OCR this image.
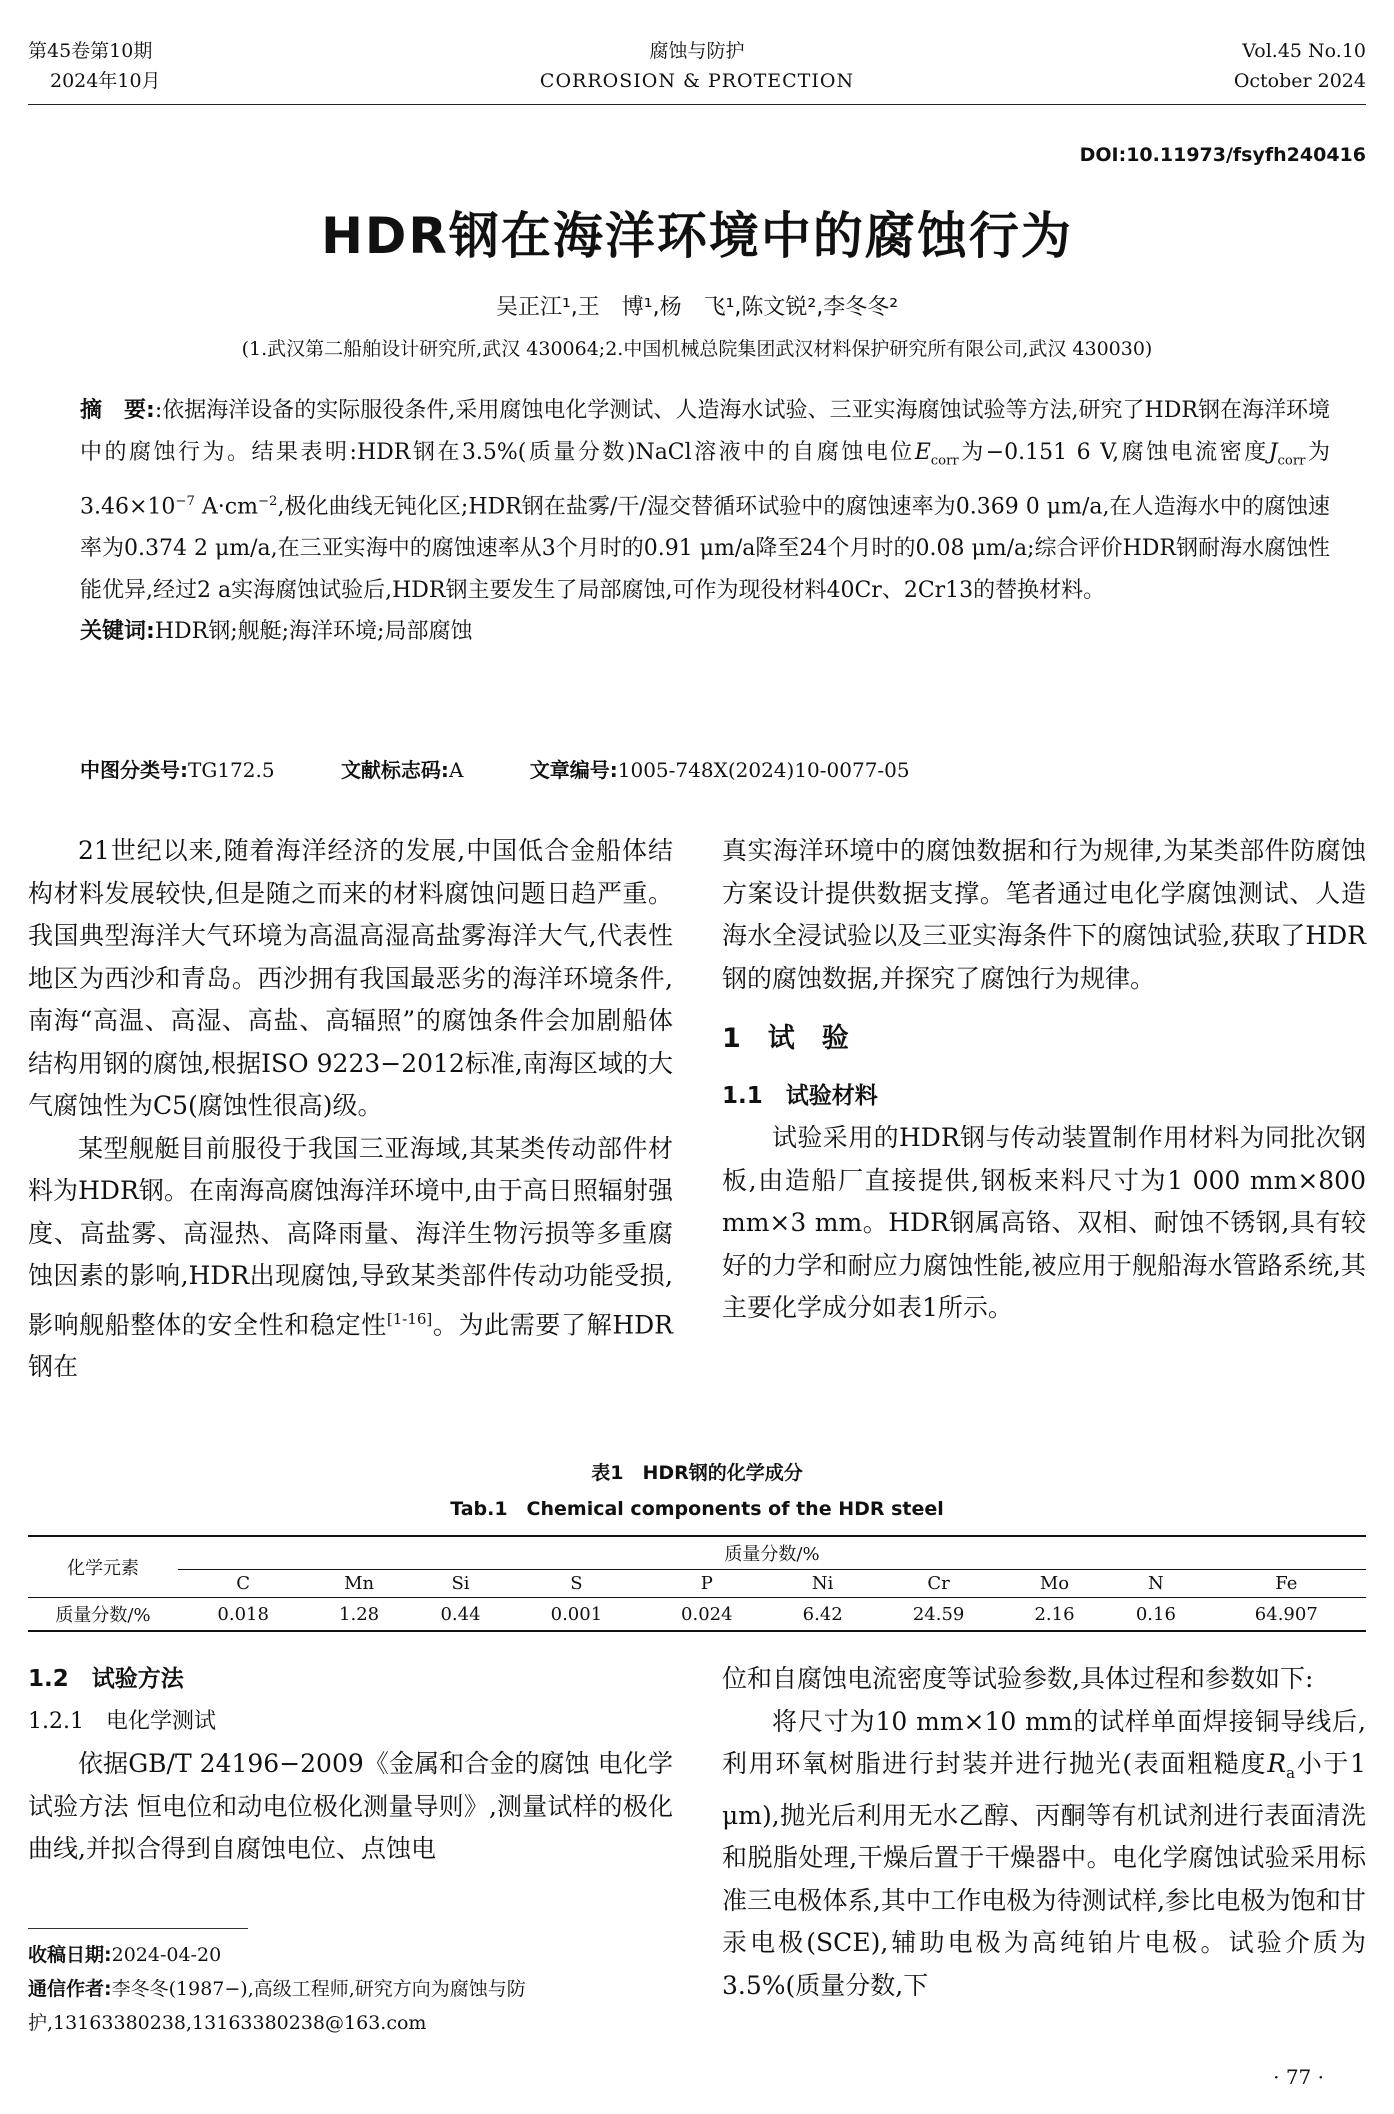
第45卷第10期
2024年10月
腐蚀与防护
CORROSION & PROTECTION
Vol.45 No.10
October 2024
DOI:10.11973/fsyfh240416
HDR钢在海洋环境中的腐蚀行为
吴正江¹,王　博¹,杨　飞¹,陈文锐²,李冬冬²
(1.武汉第二船舶设计研究所,武汉 430064;2.中国机械总院集团武汉材料保护研究所有限公司,武汉 430030)
摘　要::依据海洋设备的实际服役条件,采用腐蚀电化学测试、人造海水试验、三亚实海腐蚀试验等方法,研究了HDR钢在海洋环境中的腐蚀行为。结果表明:HDR钢在3.5%(质量分数)NaCl溶液中的自腐蚀电位$E_{corr}$为−0.151 6 V,腐蚀电流密度$J_{corr}$为$3.46\times 10^{-7}$ $A\cdot cm^{-2}$,极化曲线无钝化区;HDR钢在盐雾/干/湿交替循环试验中的腐蚀速率为0.369 0 μm/a,在人造海水中的腐蚀速率为0.374 2 μm/a,在三亚实海中的腐蚀速率从3个月时的0.91 μm/a降至24个月时的0.08 μm/a;综合评价HDR钢耐海水腐蚀性能优异,经过2 a实海腐蚀试验后,HDR钢主要发生了局部腐蚀,可作为现役材料40Cr、2Cr13的替换材料。
关键词:HDR钢;舰艇;海洋环境;局部腐蚀
中图分类号:TG172.5	文献标志码:A	文章编号:1005-748X(2024)10-0077-05

21世纪以来,随着海洋经济的发展,中国低合金船体结构材料发展较快,但是随之而来的材料腐蚀问题日趋严重。我国典型海洋大气环境为高温高湿高盐雾海洋大气,代表性地区为西沙和青岛。西沙拥有我国最恶劣的海洋环境条件,南海“高温、高湿、高盐、高辐照”的腐蚀条件会加剧船体结构用钢的腐蚀,根据ISO 9223−2012标准,南海区域的大气腐蚀性为C5(腐蚀性很高)级。

某型舰艇目前服役于我国三亚海域,其某类传动部件材料为HDR钢。在南海高腐蚀海洋环境中,由于高日照辐射强度、高盐雾、高湿热、高降雨量、海洋生物污损等多重腐蚀因素的影响,HDR出现腐蚀,导致某类部件传动功能受损,影响舰船整体的安全性和稳定性[1-16]。为此需要了解HDR钢在

真实海洋环境中的腐蚀数据和行为规律,为某类部件防腐蚀方案设计提供数据支撑。笔者通过电化学腐蚀测试、人造海水全浸试验以及三亚实海条件下的腐蚀试验,获取了HDR钢的腐蚀数据,并探究了腐蚀行为规律。

1　试　验
1.1　试验材料

试验采用的HDR钢与传动装置制作用材料为同批次钢板,由造船厂直接提供,钢板来料尺寸为1 000 mm×800 mm×3 mm。HDR钢属高铬、双相、耐蚀不锈钢,具有较好的力学和耐应力腐蚀性能,被应用于舰船海水管路系统,其主要化学成分如表1所示。

表1　HDR钢的化学成分
Tab.1　Chemical components of the HDR steel
化学元素	质量分数/%									
	C	Mn	Si	S	P	Ni	Cr	Mo	N	Fe
质量分数/%	0.018	1.28	0.44	0.001	0.024	6.42	24.59	2.16	0.16	64.907
1.2　试验方法
1.2.1　电化学测试

依据GB/T 24196−2009《金属和合金的腐蚀 电化学试验方法 恒电位和动电位极化测量导则》,测量试样的极化曲线,并拟合得到自腐蚀电位、点蚀电

位和自腐蚀电流密度等试验参数,具体过程和参数如下:

将尺寸为10 mm×10 mm的试样单面焊接铜导线后,利用环氧树脂进行封装并进行抛光(表面粗糙度$R_a$小于1 μm),抛光后利用无水乙醇、丙酮等有机试剂进行表面清洗和脱脂处理,干燥后置于干燥器中。电化学腐蚀试验采用标准三电极体系,其中工作电极为待测试样,参比电极为饱和甘汞电极(SCE),辅助电极为高纯铂片电极。试验介质为3.5%(质量分数,下

收稿日期:2024-04-20
通信作者:李冬冬(1987−),高级工程师,研究方向为腐蚀与防护,13163380238,13163380238@163.com
· 77 ·
